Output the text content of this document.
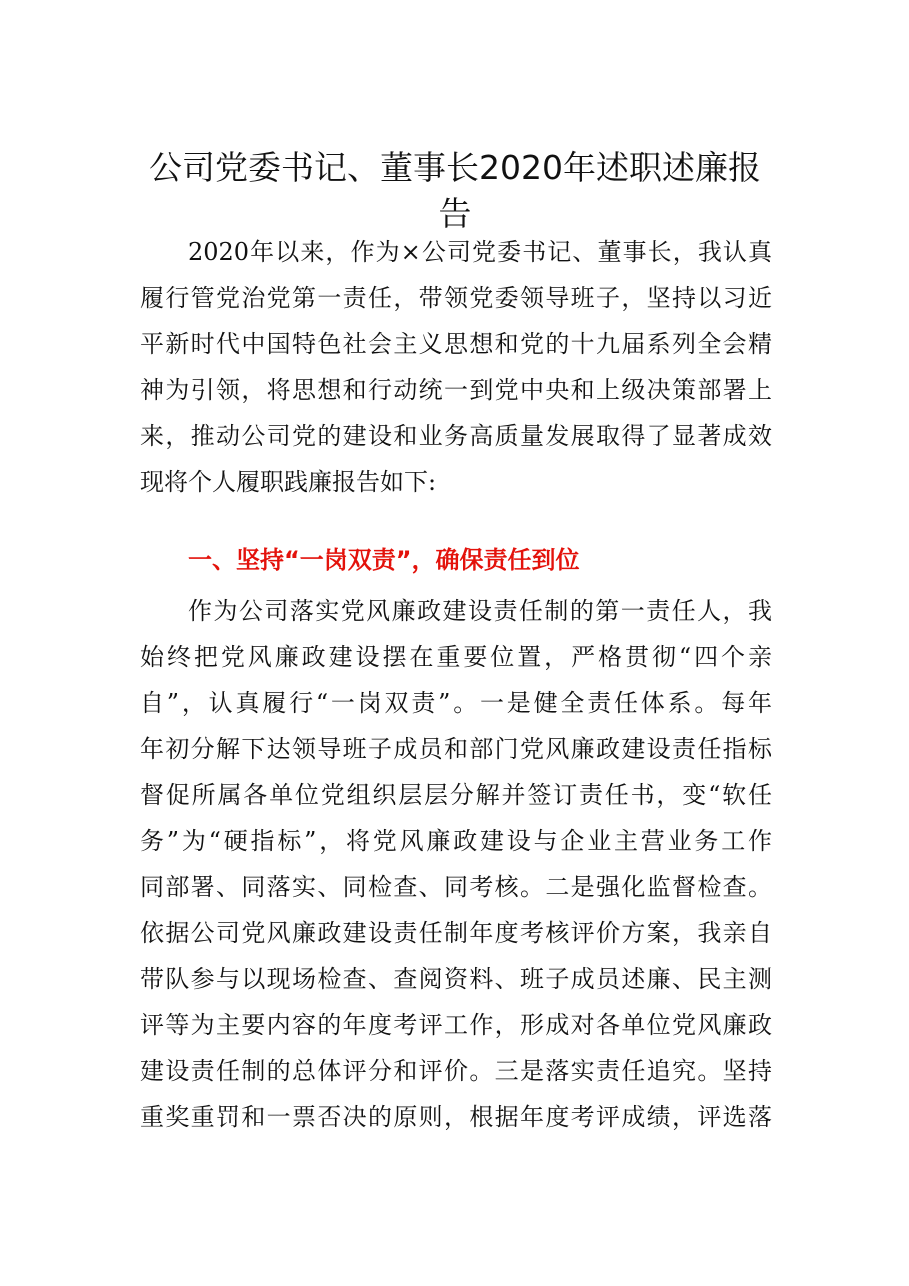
公司党委书记、董事长2020年述职述廉报
告
2020年以来，作为×公司党委书记、董事长，我认真
履行管党治党第一责任，带领党委领导班子，坚持以习近
平新时代中国特色社会主义思想和党的十九届系列全会精
神为引领，将思想和行动统一到党中央和上级决策部署上
来，推动公司党的建设和业务高质量发展取得了显著成效
现将个人履职践廉报告如下:
一、坚持“一岗双责”，确保责任到位
作为公司落实党风廉政建设责任制的第一责任人，我
始终把党风廉政建设摆在重要位置，严格贯彻“四个亲
自”，认真履行“一岗双责”。一是健全责任体系。每年
年初分解下达领导班子成员和部门党风廉政建设责任指标
督促所属各单位党组织层层分解并签订责任书，变“软任
务”为“硬指标”，将党风廉政建设与企业主营业务工作
同部署、同落实、同检查、同考核。二是强化监督检查。
依据公司党风廉政建设责任制年度考核评价方案，我亲自
带队参与以现场检查、查阅资料、班子成员述廉、民主测
评等为主要内容的年度考评工作，形成对各单位党风廉政
建设责任制的总体评分和评价。三是落实责任追究。坚持
重奖重罚和一票否决的原则，根据年度考评成绩，评选落
